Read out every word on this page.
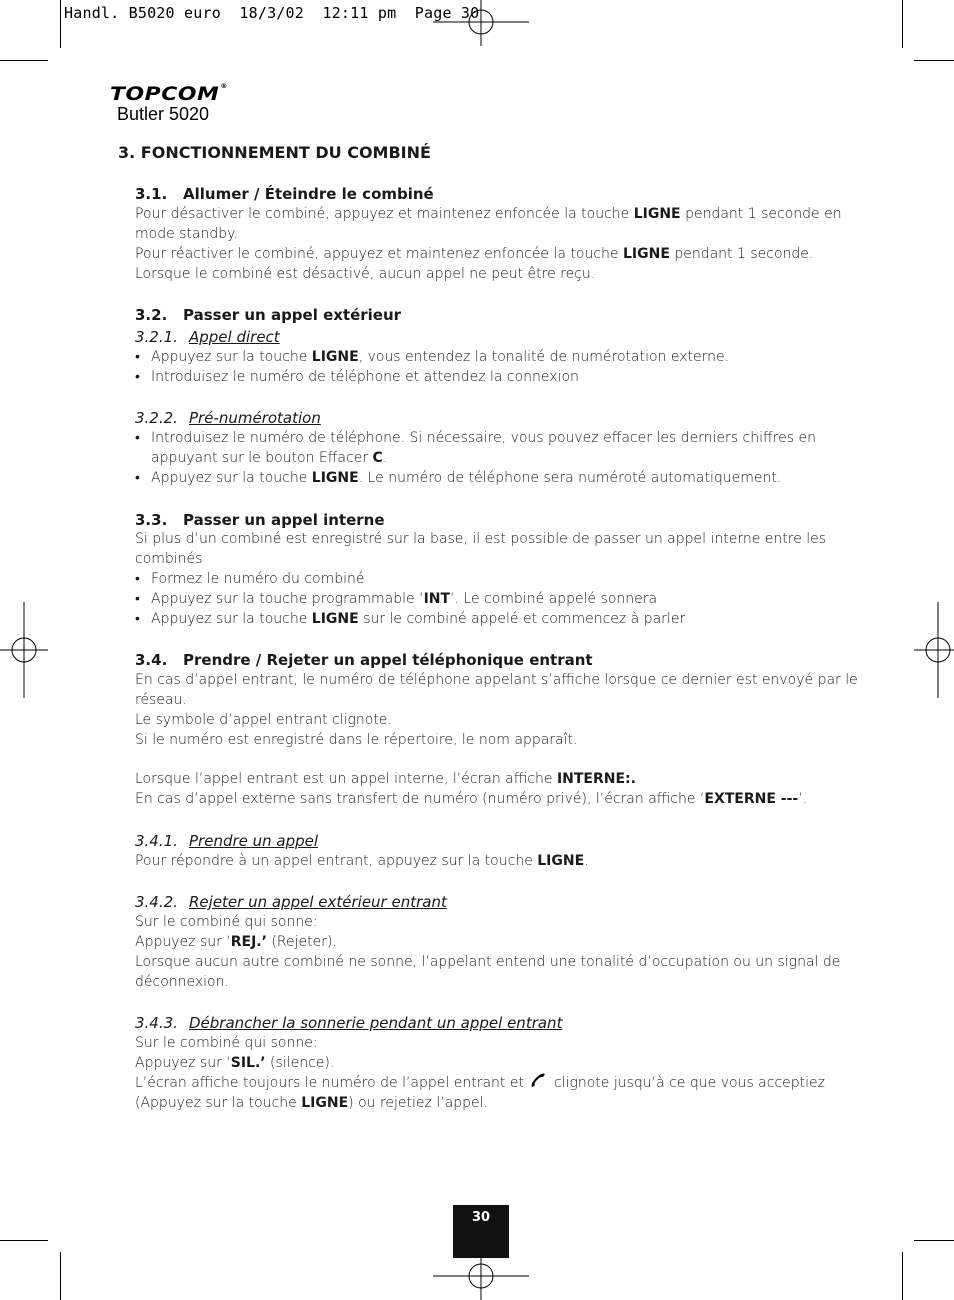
Handl. B5020 euro  18/3/02  12:11 pm  Page 30
TOPCOM®
Butler 5020
3. FONCTIONNEMENT DU COMBINÉ
3.1. Allumer / Éteindre le combiné
Pour désactiver le combiné, appuyez et maintenez enfoncée la touche LIGNE pendant 1 seconde en
mode standby.
Pour réactiver le combiné, appuyez et maintenez enfoncée la touche LIGNE pendant 1 seconde.
Lorsque le combiné est désactivé, aucun appel ne peut être reçu.
3.2. Passer un appel extérieur
3.2.1. Appel direct
• Appuyez sur la touche LIGNE, vous entendez la tonalité de numérotation externe.
• Introduisez le numéro de téléphone et attendez la connexion
3.2.2. Pré-numérotation
• Introduisez le numéro de téléphone. Si nécessaire, vous pouvez effacer les derniers chiffres en
appuyant sur le bouton Effacer C.
• Appuyez sur la touche LIGNE. Le numéro de téléphone sera numéroté automatiquement.
3.3. Passer un appel interne
Si plus d’un combiné est enregistré sur la base, il est possible de passer un appel interne entre les
combinés
• Formez le numéro du combiné
• Appuyez sur la touche programmable ‘INT’. Le combiné appelé sonnera
• Appuyez sur la touche LIGNE sur le combiné appelé et commencez à parler
3.4. Prendre / Rejeter un appel téléphonique entrant
En cas d’appel entrant, le numéro de téléphone appelant s’affiche lorsque ce dernier est envoyé par le
réseau.
Le symbole d’appel entrant clignote.
Si le numéro est enregistré dans le répertoire, le nom apparaît.
Lorsque l’appel entrant est un appel interne, l’écran affiche INTERNE:.
En cas d’appel externe sans transfert de numéro (numéro privé), l’écran affiche ‘EXTERNE ---‘.
3.4.1. Prendre un appel
Pour répondre à un appel entrant, appuyez sur la touche LIGNE.
3.4.2. Rejeter un appel extérieur entrant
Sur le combiné qui sonne:
Appuyez sur ‘REJ.’ (Rejeter).
Lorsque aucun autre combiné ne sonne, l’appelant entend une tonalité d’occupation ou un signal de
déconnexion.
3.4.3. Débrancher la sonnerie pendant un appel entrant
Sur le combiné qui sonne:
Appuyez sur ‘SIL.’ (silence).
L’écran affiche toujours le numéro de l’appel entrant et clignote jusqu’à ce que vous acceptiez
(Appuyez sur la touche LIGNE) ou rejetiez l’appel.
30
